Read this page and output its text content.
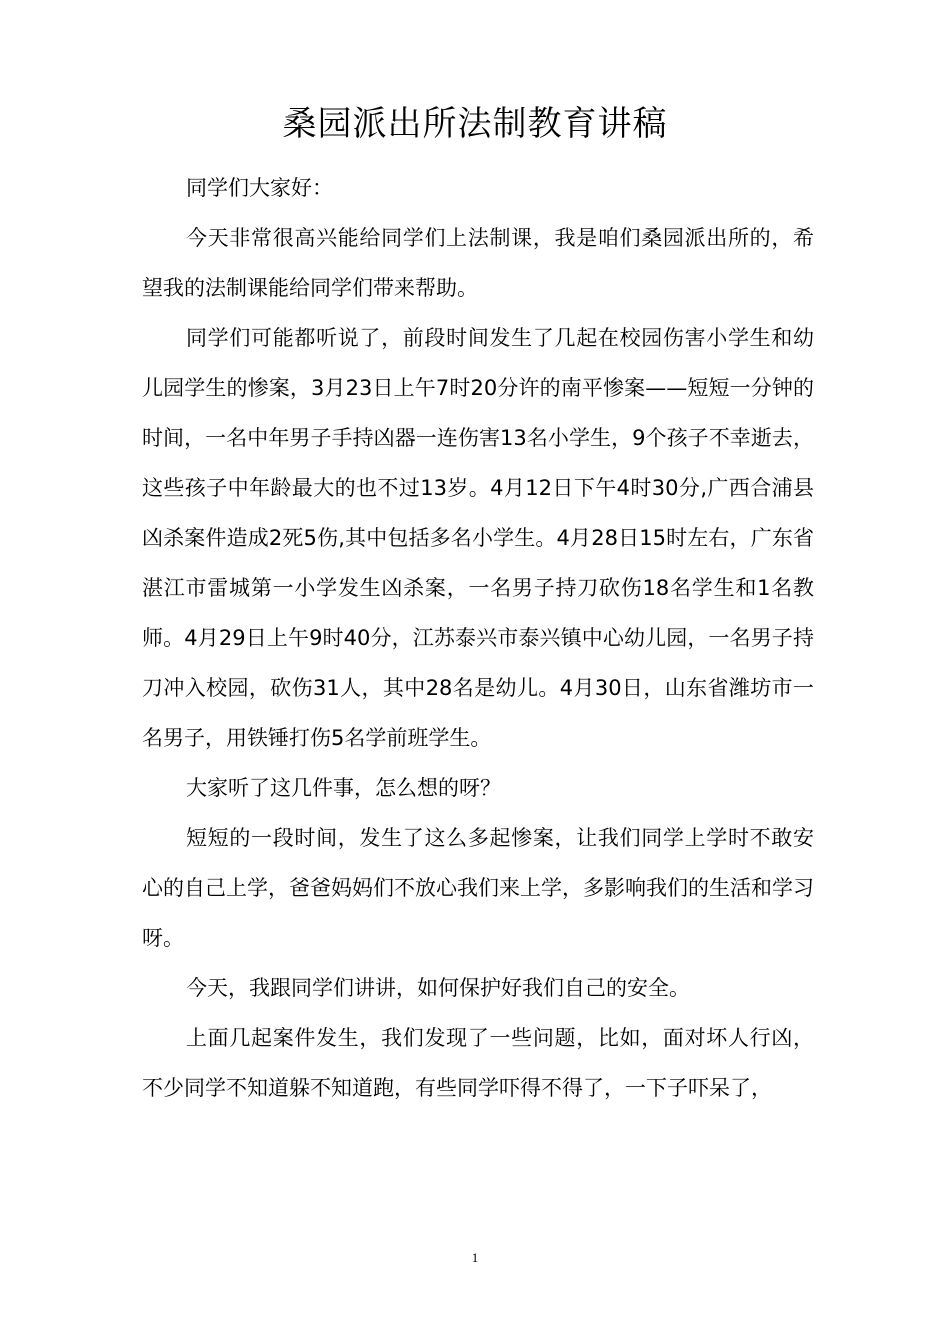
桑园派出所法制教育讲稿

同学们大家好：

今天非常很高兴能给同学们上法制课，我是咱们桑园派出所的，希望我的法制课能给同学们带来帮助。

同学们可能都听说了，前段时间发生了几起在校园伤害小学生和幼儿园学生的惨案，3月23日上午7时20分许的南平惨案——短短一分钟的时间，一名中年男子手持凶器一连伤害13名小学生，9个孩子不幸逝去，这些孩子中年龄最大的也不过13岁。4月12日下午4时30分,广西合浦县凶杀案件造成2死5伤,其中包括多名小学生。4月28日15时左右，广东省湛江市雷城第一小学发生凶杀案，一名男子持刀砍伤18名学生和1名教师。4月29日上午9时40分，江苏泰兴市泰兴镇中心幼儿园，一名男子持刀冲入校园，砍伤31人，其中28名是幼儿。4月30日，山东省潍坊市一名男子，用铁锤打伤5名学前班学生。

大家听了这几件事，怎么想的呀？

短短的一段时间，发生了这么多起惨案，让我们同学上学时不敢安心的自己上学，爸爸妈妈们不放心我们来上学，多影响我们的生活和学习呀。

今天，我跟同学们讲讲，如何保护好我们自己的安全。

上面几起案件发生，我们发现了一些问题，比如，面对坏人行凶，不少同学不知道躲不知道跑，有些同学吓得不得了，一下子吓呆了，

1
